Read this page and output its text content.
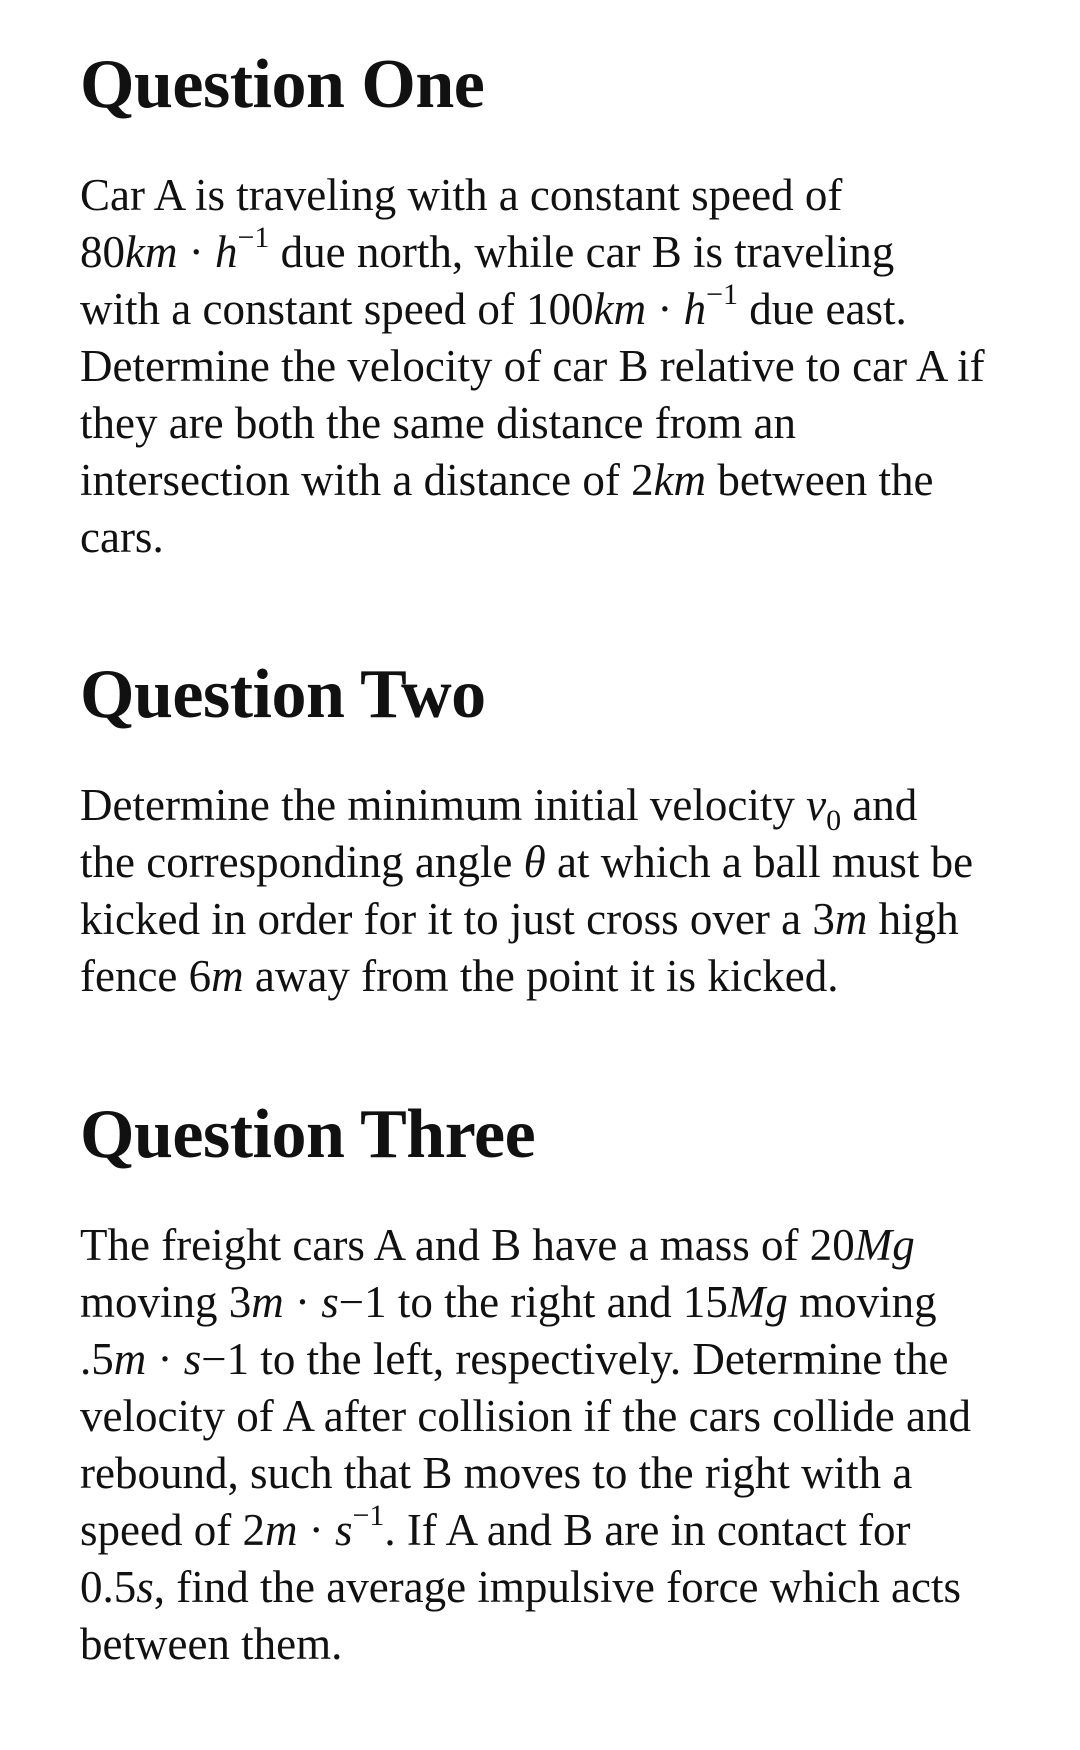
Question One
Car A is traveling with a constant speed of
$80km \cdot h^{-1}$ due north, while car B is traveling
with a constant speed of $100km \cdot h^{-1}$ due east.
Determine the velocity of car B relative to car A if
they are both the same distance from an
intersection with a distance of 2km between the
cars.
Question Two
Determine the minimum initial velocity $v_0$ and
the corresponding angle θ at which a ball must be
kicked in order for it to just cross over a 3m high
fence 6m away from the point it is kicked.
Question Three
The freight cars A and B have a mass of 20Mg
moving 3m · s−1 to the right and 15Mg moving
.5m · s−1 to the left, respectively. Determine the
velocity of A after collision if the cars collide and
rebound, such that B moves to the right with a
speed of $2m \cdot s^{-1}$. If A and B are in contact for
0.5s, find the average impulsive force which acts
between them.
